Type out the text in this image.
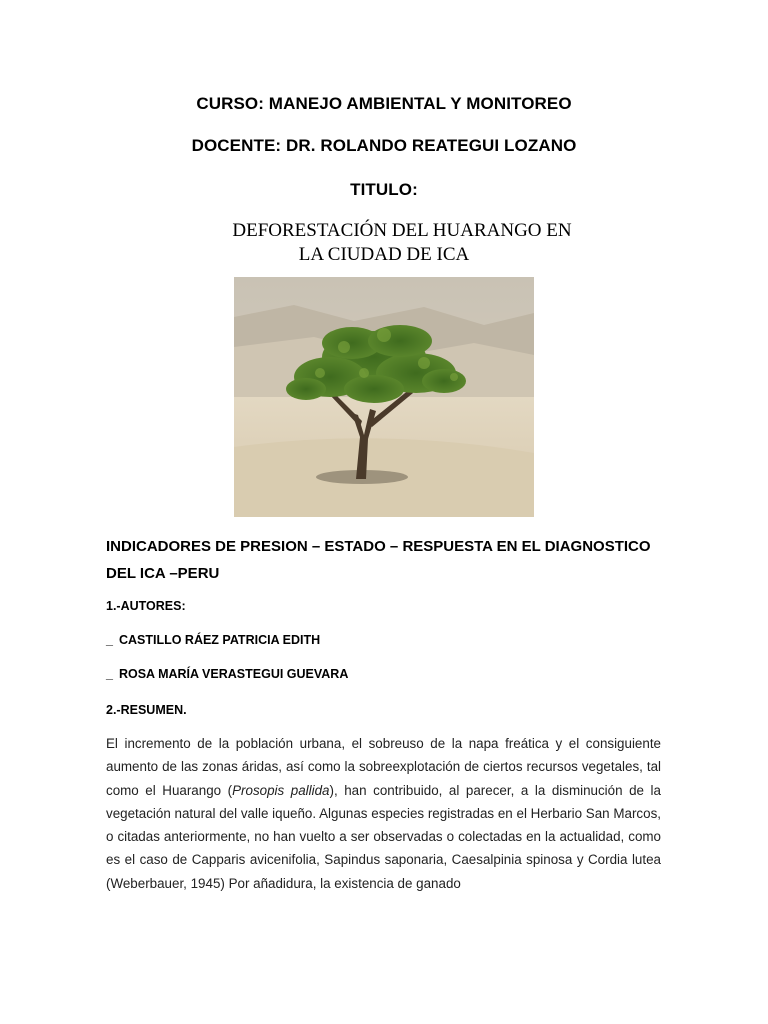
CURSO: MANEJO AMBIENTAL Y MONITOREO
DOCENTE: DR. ROLANDO REATEGUI LOZANO
TITULO:
DEFORESTACIÓN DEL HUARANGO EN
LA CIUDAD DE ICA
INDICADORES DE PRESION – ESTADO – RESPUESTA EN EL DIAGNOSTICO DEL ICA –PERU
1.-AUTORES:
_ CASTILLO RÁEZ PATRICIA EDITH
_ ROSA MARÍA VERASTEGUI GUEVARA
2.-RESUMEN.
El incremento de la población urbana, el sobreuso de la napa freática y el consiguiente aumento de las zonas áridas, así como la sobreexplotación de ciertos recursos vegetales, tal como el Huarango (Prosopis pallida), han contribuido, al parecer, a la disminución de la vegetación natural del valle iqueño. Algunas especies registradas en el Herbario San Marcos, o citadas anteriormente, no han vuelto a ser observadas o colectadas en la actualidad, como es el caso de Capparis avicenifolia, Sapindus saponaria, Caesalpinia spinosa y Cordia lutea (Weberbauer, 1945) Por añadidura, la existencia de ganado
